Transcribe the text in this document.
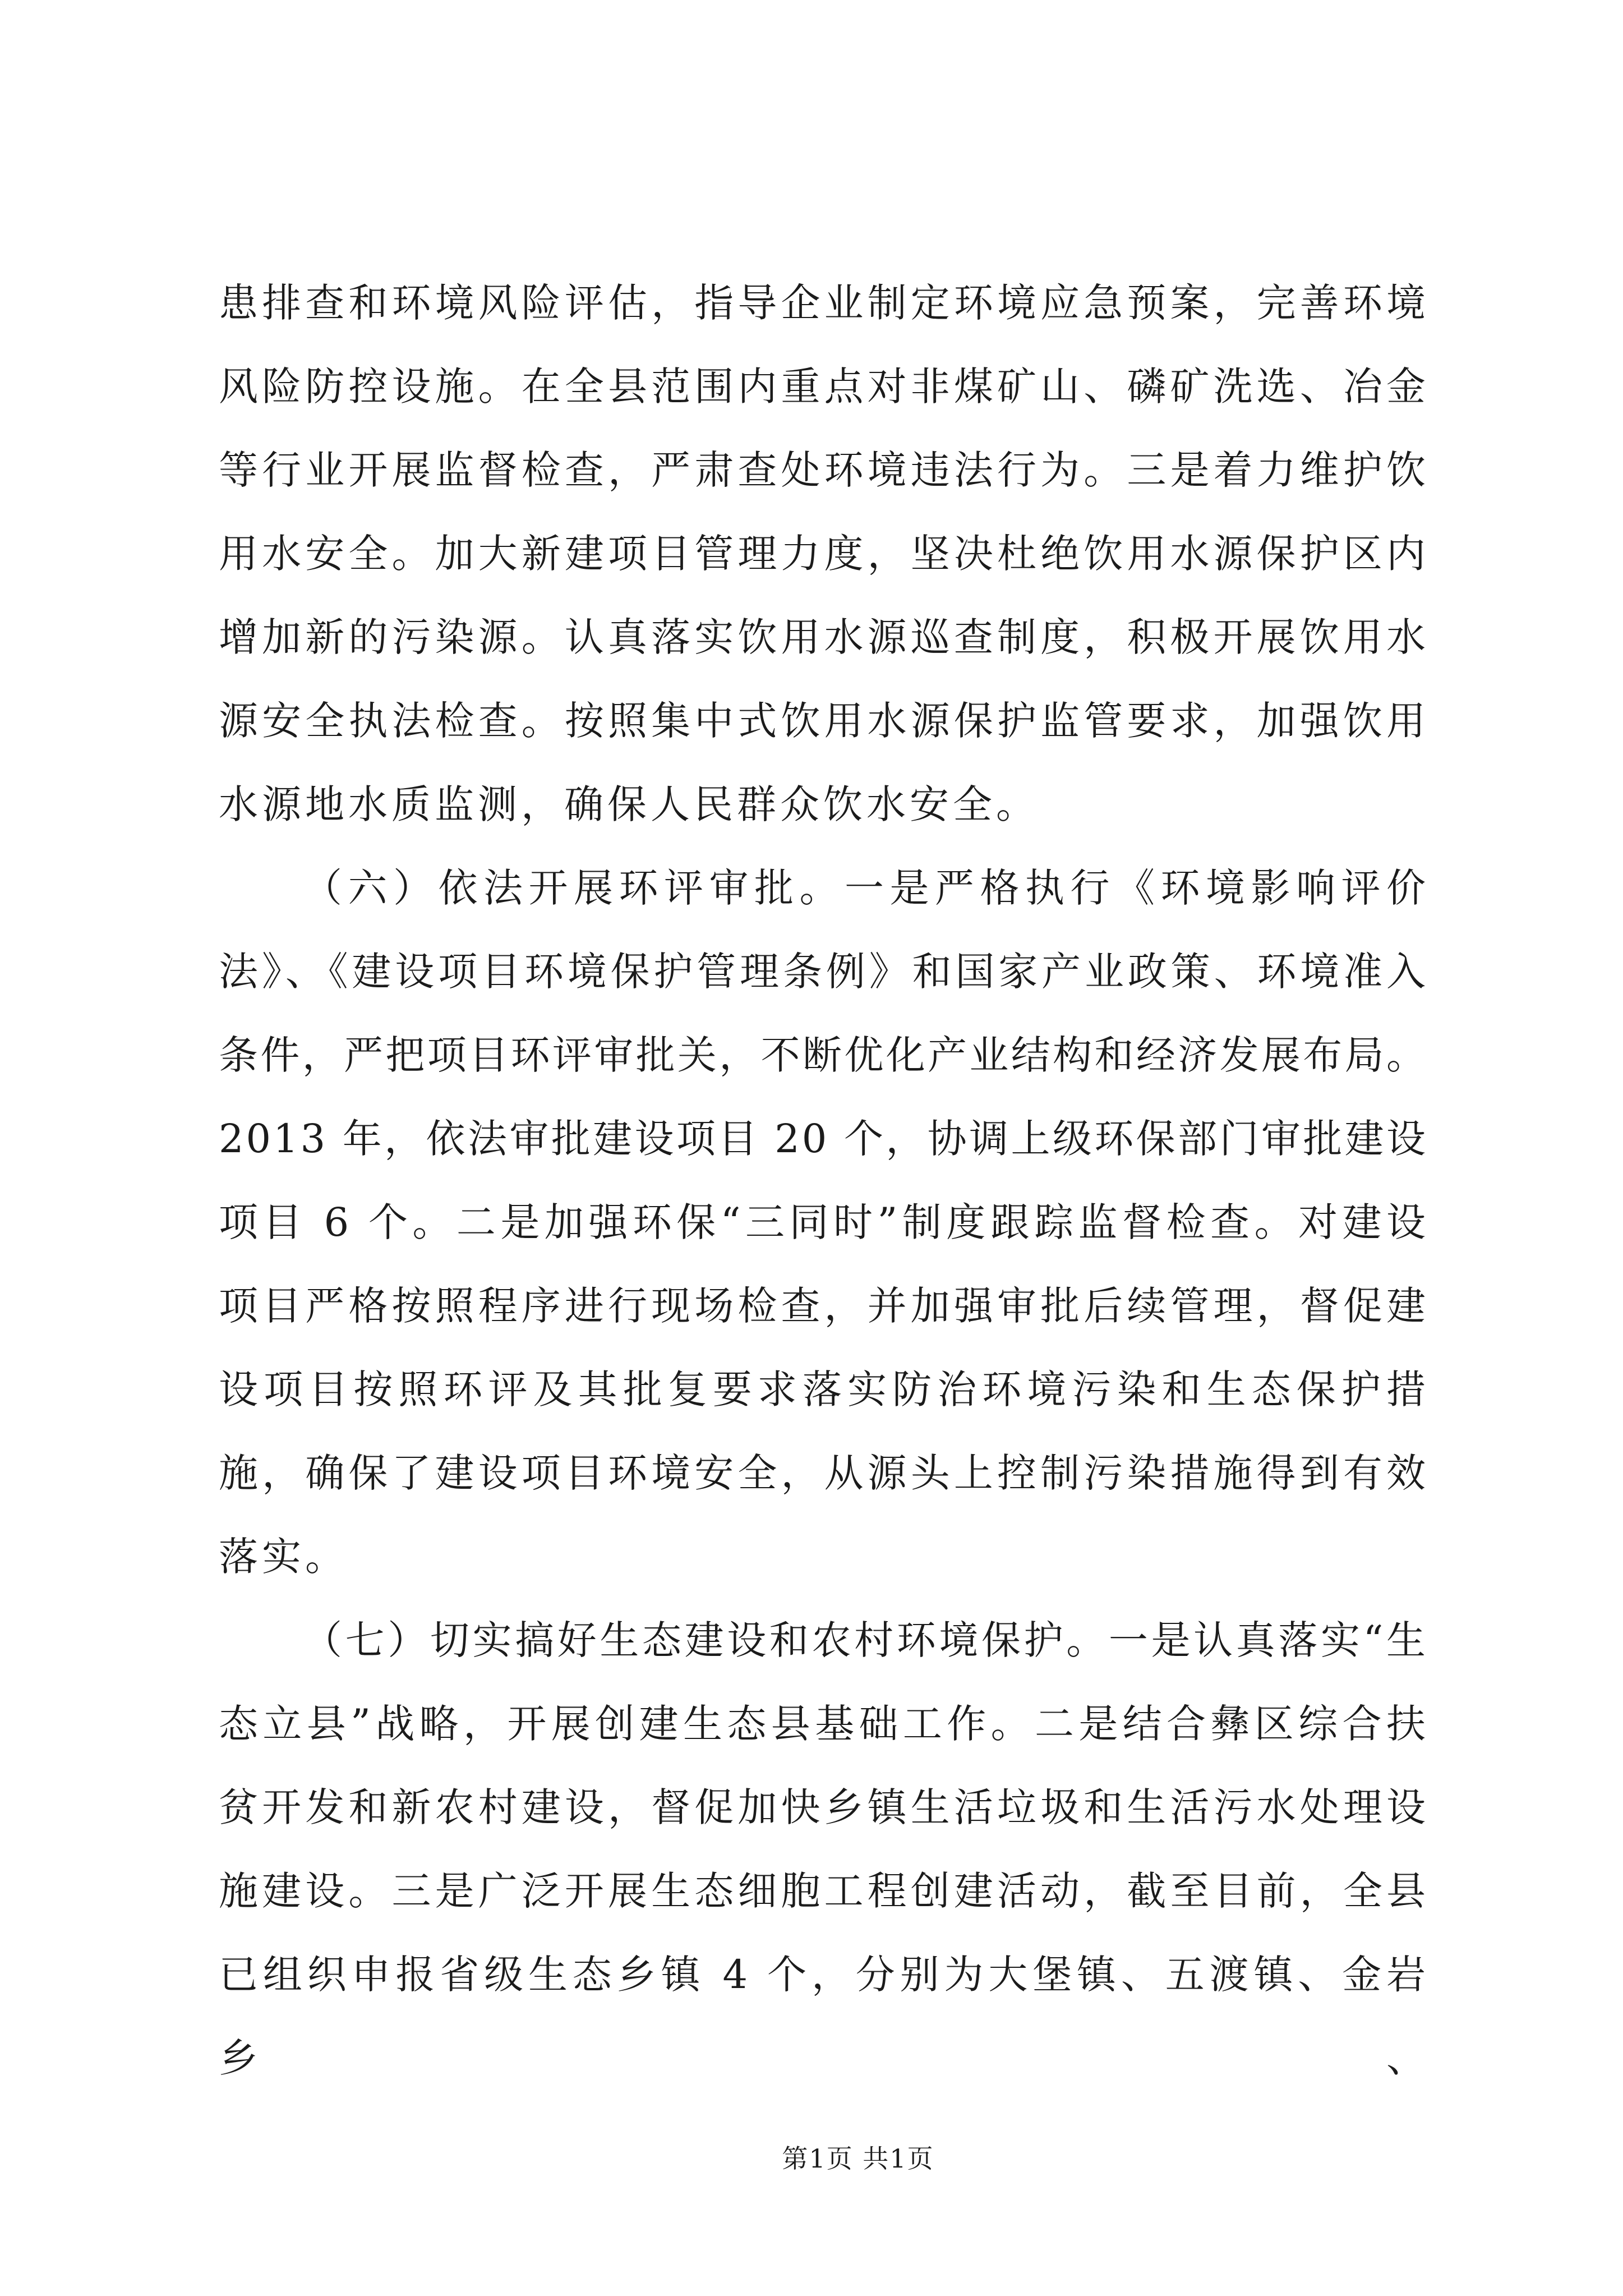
患排查和环境风险评估，指导企业制定环境应急预案，完善环境
风险防控设施。在全县范围内重点对非煤矿山、磷矿洗选、冶金
等行业开展监督检查，严肃查处环境违法行为。三是着力维护饮
用水安全。加大新建项目管理力度，坚决杜绝饮用水源保护区内
增加新的污染源。认真落实饮用水源巡查制度，积极开展饮用水
源安全执法检查。按照集中式饮用水源保护监管要求，加强饮用
水源地水质监测，确保人民群众饮水安全。
（六）依法开展环评审批。一是严格执行《环境影响评价
法》、《建设项目环境保护管理条例》和国家产业政策、环境准入
条件，严把项目环评审批关，不断优化产业结构和经济发展布局。
2013 年，依法审批建设项目 20 个，协调上级环保部门审批建设
项目 6 个。二是加强环保“三同时”制度跟踪监督检查。对建设
项目严格按照程序进行现场检查，并加强审批后续管理，督促建
设项目按照环评及其批复要求落实防治环境污染和生态保护措
施，确保了建设项目环境安全，从源头上控制污染措施得到有效
落实。
（七）切实搞好生态建设和农村环境保护。一是认真落实“生
态立县”战略，开展创建生态县基础工作。二是结合彝区综合扶
贫开发和新农村建设，督促加快乡镇生活垃圾和生活污水处理设
施建设。三是广泛开展生态细胞工程创建活动，截至目前，全县
已组织申报省级生态乡镇 4 个，分别为大堡镇、五渡镇、金岩乡、
第1页 共1页
